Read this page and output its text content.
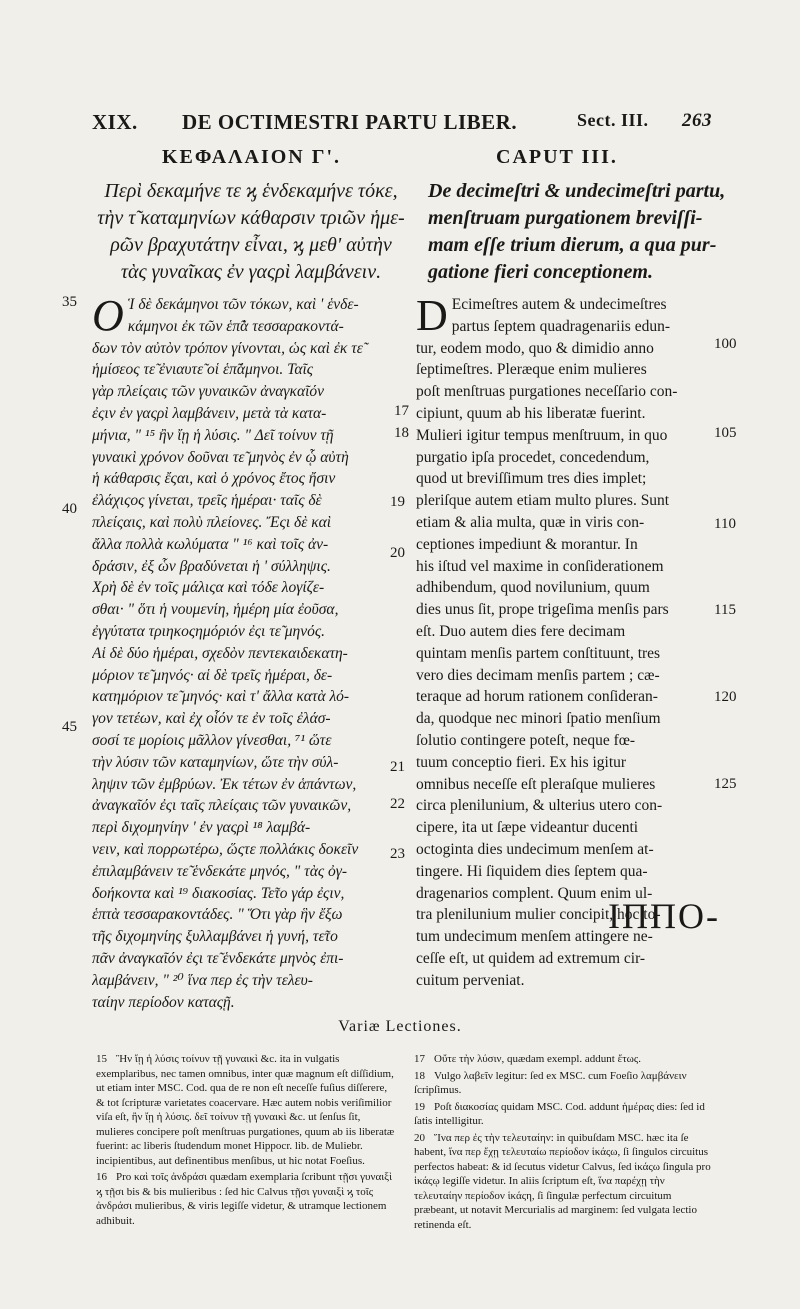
XIX. DE OCTIMESTRI PARTU LIBER.	Sect. III. 263
ΚΕΦΑΛΑΙΟΝ Γ'.	CAPUT III.
Περὶ δεκαμήνε τε ϗ ἑνδεκαμήνε τόκε,
τὴν τ̃ καταμηνίων κάθαρσιν τριῶν ἡμε-
ρῶν βραχυτάτην εἶναι, ϗ μεθ' αὐτὴν
τὰς γυναῖκας ἐν γαςρὶ λαμβάνειν.
De decimeſtri & undecimeſtri partu,
menſtruam purgationem breviſſi-
mam eſſe trium dierum, a qua pur-
gatione fieri conceptionem.
O Ἱ δὲ δεκάμηνοι τῶν τόκων, καὶ ' ἑνδε-
κάμηνοι ἐκ τῶν ἑπ̃ὰ τεσσαρακοντά-
δων τὸν αὐτὸν τρόπον γίνονται, ὡς καὶ ἐκ τε̃
ἡμίσεος τε̃ ἐνιαυτε̃ οἱ ἑπ̃άμηνοι. Ταῖς
γὰρ πλείςαις τῶν γυναικῶν ἀναγκαῖόν
ἐςιν ἐν γαςρὶ λαμβάνειν, μετὰ τὰ κατα-
μήνια, " ¹⁵ ἢν ἴῃ ἡ λύσις. " Δεῖ τοίνυν τῇ
γυναικὶ χρόνον δοῦναι τε̃ μηνὸς ἐν ᾧ αὐτὴ
ἡ κάθαρσις ἔςαι, καὶ ὁ χρόνος ἔτος ἤσιν
ἐλάχιςος γίνεται, τρεῖς ἡμέραι· ταῖς δὲ
πλείςαις, καὶ πολὺ πλείονες. Ἔςι δὲ καὶ
ἄλλα πολλὰ κωλύματα " ¹⁶ καὶ τοῖς ἀν-
δράσιν, ἐξ ὧν βραδύνεται ἡ ' σύλληψις.
Χρὴ δὲ ἐν τοῖς μάλιςα καὶ τόδε λογίζε-
σθαι· " ὅτι ἡ νουμενίη, ἡμέρη μία ἐοῦσα,
ἐγγύτατα τριηκοςημόριόν ἐςι τε̃ μηνός.
Αἱ δὲ δύο ἡμέραι, σχεδὸν πεντεκαιδεκατη-
μόριον τε̃ μηνός· αἱ δὲ τρεῖς ἡμέραι, δε-
κατημόριον τε̃ μηνός· καὶ τ' ἄλλα κατὰ λό-
γον τετέων, καὶ ἐχ οἷόν τε ἐν τοῖς ἐλάσ-
σοσί τε μορίοις μᾶλλον γίνεσθαι, ⁷¹ ὥτε
τὴν λύσιν τῶν καταμηνίων, ὥτε τὴν σύλ-
ληψιν τῶν ἐμβρύων. Ἐκ τέτων ἐν ἁπάντων,
ἀναγκαῖόν ἐςι ταῖς πλείςαις τῶν γυναικῶν,
περὶ διχομηνίην ' ἐν γαςρὶ ¹⁸ λαμβά-
νειν, καὶ πορρωτέρω, ὥςτε πολλάκις δοκεῖν
ἐπιλαμβάνειν τε̃ ἑνδεκάτε μηνός, " τὰς ὀγ-
δοήκοντα καὶ ¹⁹ διακοσίας. Τε̃το γάρ ἐςιν,
ἑπτὰ τεσσαρακοντάδες. " Ὅτι γὰρ ἣν ἔξω
τῆς διχομηνίης ξυλλαμβάνει ἡ γυνή, τε̃το
πᾶν ἀναγκαῖόν ἐςι τε̃ ἑνδεκάτε μηνὸς ἐπι-
λαμβάνειν, " ²⁰ ἵνα περ ἐς τὴν τελευ-
ταίην περίοδον καταςῇ.
D Ecimeſtres autem & undecimeſtres
partus ſeptem quadragenariis edun-
tur, eodem modo, quo & dimidio anno
ſeptimeſtres. Pleræque enim mulieres
poſt menſtruas purgationes neceſſario con-
cipiunt, quum ab his liberatæ fuerint.
Mulieri igitur tempus menſtruum, in quo
purgatio ipſa procedet, concedendum,
quod ut breviſſimum tres dies implet;
pleriſque autem etiam multo plures. Sunt
etiam & alia multa, quæ in viris con-
ceptiones impediunt & morantur. In
his iſtud vel maxime in conſiderationem
adhibendum, quod novilunium, quum
dies unus ſit, prope trigeſima menſis pars
eſt. Duo autem dies fere decimam
quintam menſis partem conſtituunt, tres
vero dies decimam menſis partem ; cæ-
teraque ad horum rationem conſideran-
da, quodque nec minori ſpatio menſium
ſolutio contingere poteſt, neque fœ-
tuum conceptio fieri. Ex his igitur
omnibus neceſſe eſt pleraſque mulieres
circa plenilunium, & ulterius utero con-
cipere, ita ut ſæpe videantur ducenti
octoginta dies undecimum menſem at-
tingere. Hi ſiquidem dies ſeptem qua-
dragenarios complent. Quum enim ul-
tra plenilunium mulier concipit, hoc to-
tum undecimum menſem attingere ne-
ceſſe eſt, ut quidem ad extremum cir-
cuitum perveniat.
35
40
45
17
18
19
20
21
22
23
100
105
110
115
120
125
ΙΠΠΟ-
Variæ Lectiones.
15 Ἢν ἴῃ ἡ λύσις τοίνυν τῇ γυναικὶ &c. ita in vulgatis exemplaribus, nec tamen omnibus, inter quæ magnum eſt diſſidium, ut etiam inter MSC. Cod. qua de re non eſt neceſſe fuſius diſſerere, & tot ſcripturæ varietates coacervare. Hæc autem nobis veriſimilior viſa eſt, ἢν ἴῃ ἡ λύσις. δεῖ τοίνυν τῇ γυναικὶ &c. ut ſenſus ſit, mulieres concipere poſt menſtruas purgationes, quum ab iis liberatæ fuerint: ac liberis ſtudendum monet Hippocr. lib. de Muliebr. incipientibus, aut definentibus menſibus, ut hic notat Foeſius.
16 Pro καὶ τοῖς ἀνδράσι quædam exemplaria ſcribunt τῇσι γυναιξὶ ϗ τῇσι bis & bis mulieribus : ſed hic Calvus τῇσι γυναιξὶ ϗ τοῖς ἀνδράσι mulieribus, & viris legiſſe videtur, & utramque lectionem adhibuit.
17 Οὔτε τὴν λύσιν, quædam exempl. addunt ἔτως.
18 Vulgo λαβεῖν legitur: ſed ex MSC. cum Foeſio λαμβάνειν ſcripſimus.
19 Poſt διακοσίας quidam MSC. Cod. addunt ἡμέρας dies: ſed id ſatis intelligitur.
20 Ἵνα περ ἐς τὴν τελευταίην: in quibuſdam MSC. hæc ita ſe habent, ἵνα περ ἔχῃ τελευταίω περίοδον ἱκάςω, ſi ſingulos circuitus perfectos habeat: & id ſecutus videtur Calvus, ſed ἱκάςω ſingula pro ἱκάςῳ legiſſe videtur. In aliis ſcriptum eſt, ἵνα παρέχῃ τὴν τελευταίην περίοδον ἱκάςη, ſi ſingulæ perfectum circuitum præbeant, ut notavit Mercurialis ad marginem: ſed vulgata lectio retinenda eſt.
